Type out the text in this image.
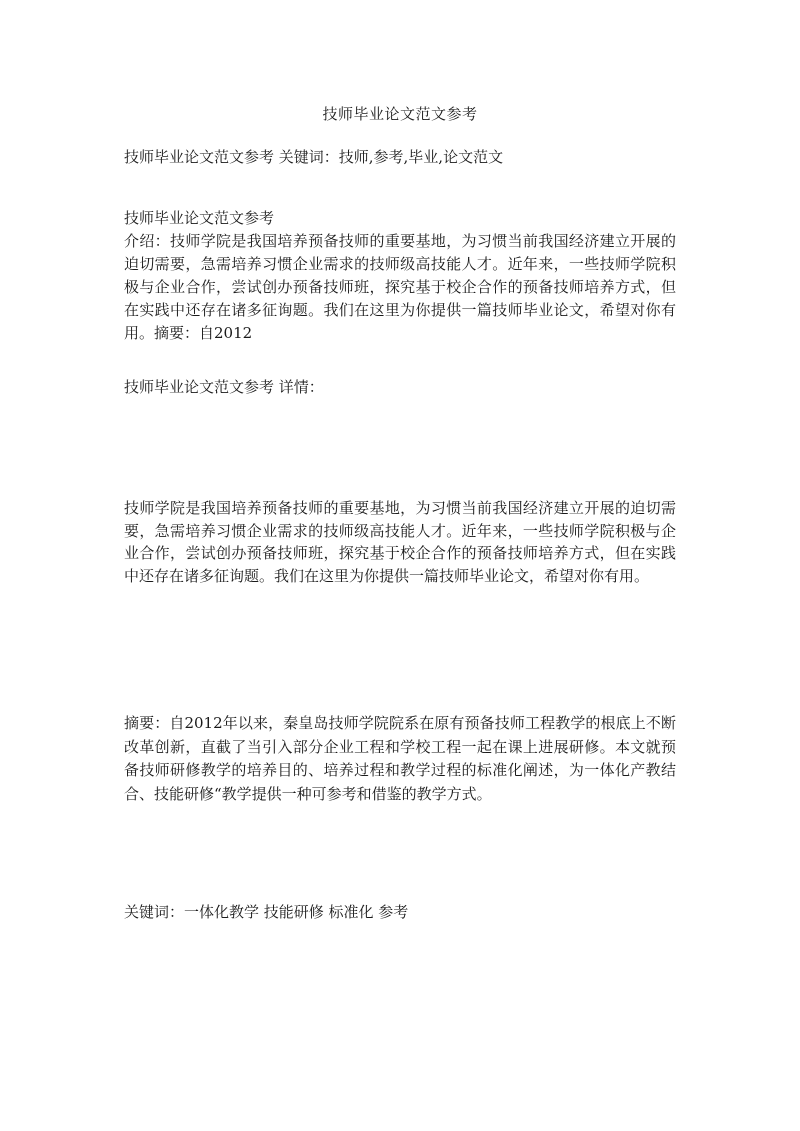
技师毕业论文范文参考

技师毕业论文范文参考 关键词：技师,参考,毕业,论文范文

技师毕业论文范文参考

介绍：技师学院是我国培养预备技师的重要基地，为习惯当前我国经济建立开展的迫切需要，急需培养习惯企业需求的技师级高技能人才。近年来，一些技师学院积极与企业合作，尝试创办预备技师班，探究基于校企合作的预备技师培养方式，但在实践中还存在诸多征询题。我们在这里为你提供一篇技师毕业论文，希望对你有用。摘要：自2012

技师毕业论文范文参考 详情：

技师学院是我国培养预备技师的重要基地，为习惯当前我国经济建立开展的迫切需要，急需培养习惯企业需求的技师级高技能人才。近年来，一些技师学院积极与企业合作，尝试创办预备技师班，探究基于校企合作的预备技师培养方式，但在实践中还存在诸多征询题。我们在这里为你提供一篇技师毕业论文，希望对你有用。

摘要：自2012年以来，秦皇岛技师学院院系在原有预备技师工程教学的根底上不断改革创新，直截了当引入部分企业工程和学校工程一起在课上进展研修。本文就预备技师研修教学的培养目的、培养过程和教学过程的标准化阐述，为一体化产教结合、技能研修“教学提供一种可参考和借鉴的教学方式。

关键词：一体化教学 技能研修 标准化 参考
